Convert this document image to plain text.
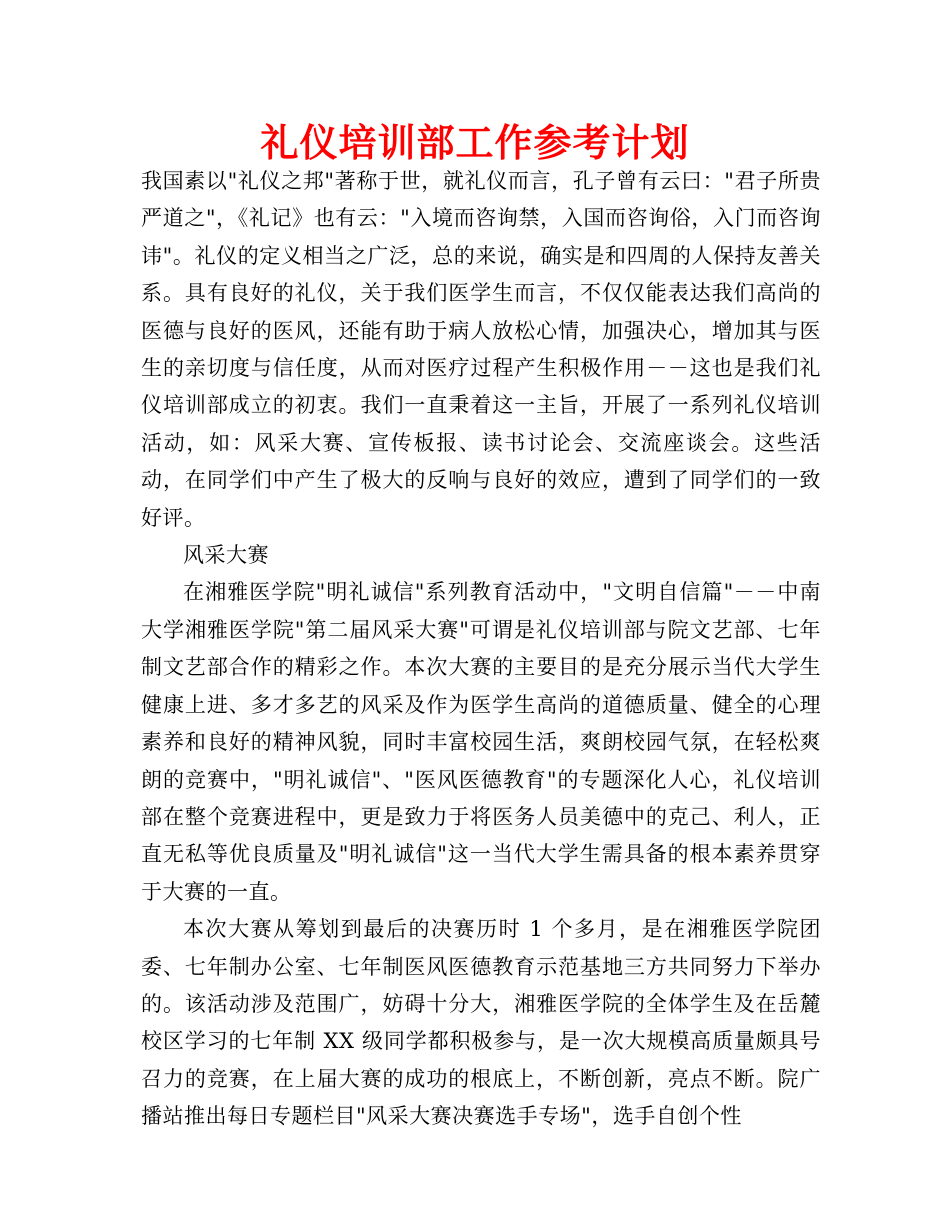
礼仪培训部工作参考计划

我国素以"礼仪之邦"著称于世，就礼仪而言，孔子曾有云曰："君子所贵严道之"，《礼记》也有云："入境而咨询禁，入国而咨询俗，入门而咨询讳"。礼仪的定义相当之广泛，总的来说，确实是和四周的人保持友善关系。具有良好的礼仪，关于我们医学生而言，不仅仅能表达我们高尚的医德与良好的医风，还能有助于病人放松心情，加强决心，增加其与医生的亲切度与信任度，从而对医疗过程产生积极作用－－这也是我们礼仪培训部成立的初衷。我们一直秉着这一主旨，开展了一系列礼仪培训活动，如：风采大赛、宣传板报、读书讨论会、交流座谈会。这些活动，在同学们中产生了极大的反响与良好的效应，遭到了同学们的一致好评。

风采大赛

在湘雅医学院"明礼诚信"系列教育活动中，"文明自信篇"－－中南大学湘雅医学院"第二届风采大赛"可谓是礼仪培训部与院文艺部、七年制文艺部合作的精彩之作。本次大赛的主要目的是充分展示当代大学生健康上进、多才多艺的风采及作为医学生高尚的道德质量、健全的心理素养和良好的精神风貌，同时丰富校园生活，爽朗校园气氛，在轻松爽朗的竞赛中，"明礼诚信"、"医风医德教育"的专题深化人心，礼仪培训部在整个竞赛进程中，更是致力于将医务人员美德中的克己、利人，正直无私等优良质量及"明礼诚信"这一当代大学生需具备的根本素养贯穿于大赛的一直。

本次大赛从筹划到最后的决赛历时 1 个多月，是在湘雅医学院团委、七年制办公室、七年制医风医德教育示范基地三方共同努力下举办的。该活动涉及范围广，妨碍十分大，湘雅医学院的全体学生及在岳麓校区学习的七年制 XX 级同学都积极参与，是一次大规模高质量颇具号召力的竞赛，在上届大赛的成功的根底上，不断创新，亮点不断。院广播站推出每日专题栏目"风采大赛决赛选手专场"，选手自创个性
